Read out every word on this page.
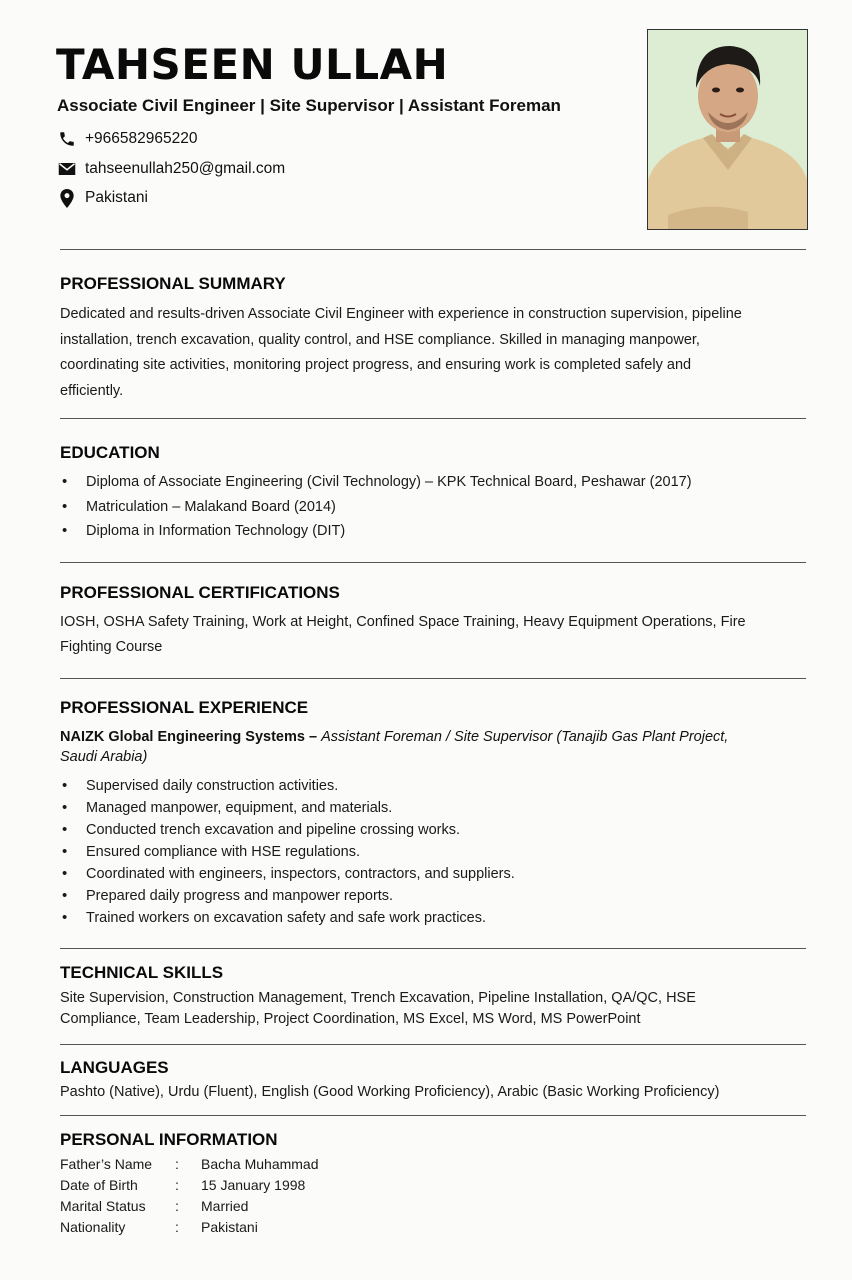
TAHSEEN ULLAH
Associate Civil Engineer | Site Supervisor | Assistant Foreman
+966582965220
tahseenullah250@gmail.com
Pakistani
PROFESSIONAL SUMMARY

Dedicated and results-driven Associate Civil Engineer with experience in construction supervision, pipeline installation, trench excavation, quality control, and HSE compliance. Skilled in managing manpower, coordinating site activities, monitoring project progress, and ensuring work is completed safely and efficiently.

EDUCATION
• Diploma of Associate Engineering (Civil Technology) – KPK Technical Board, Peshawar (2017)
• Matriculation – Malakand Board (2014)
• Diploma in Information Technology (DIT)
PROFESSIONAL CERTIFICATIONS

IOSH, OSHA Safety Training, Work at Height, Confined Space Training, Heavy Equipment Operations, Fire Fighting Course

PROFESSIONAL EXPERIENCE
NAIZK Global Engineering Systems – Assistant Foreman / Site Supervisor (Tanajib Gas Plant Project, Saudi Arabia)
• Supervised daily construction activities.
• Managed manpower, equipment, and materials.
• Conducted trench excavation and pipeline crossing works.
• Ensured compliance with HSE regulations.
• Coordinated with engineers, inspectors, contractors, and suppliers.
• Prepared daily progress and manpower reports.
• Trained workers on excavation safety and safe work practices.
TECHNICAL SKILLS

Site Supervision, Construction Management, Trench Excavation, Pipeline Installation, QA/QC, HSE Compliance, Team Leadership, Project Coordination, MS Excel, MS Word, MS PowerPoint

LANGUAGES

Pashto (Native), Urdu (Fluent), English (Good Working Proficiency), Arabic (Basic Working Proficiency)

PERSONAL INFORMATION
Father’s Name	:	Bacha Muhammad
Date of Birth	:	15 January 1998
Marital Status	:	Married
Nationality	:	Pakistani
